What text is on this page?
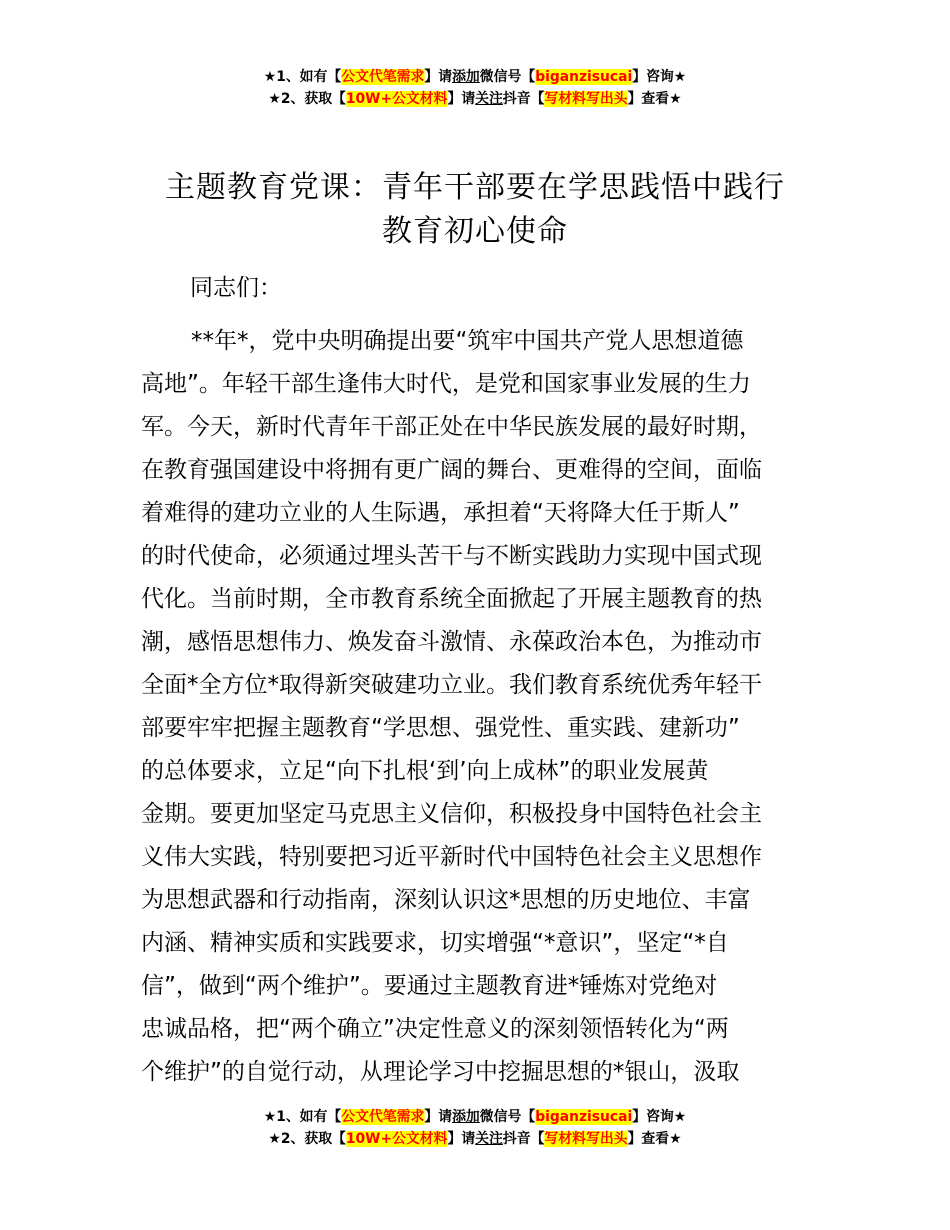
★1、如有【公文代笔需求】请添加微信号【biganzisucai】咨询★
★2、获取【10W+公文材料】请关注抖音【写材料写出头】查看★
主题教育党课：青年干部要在学思践悟中践行
教育初心使命
同志们：
**年*，党中央明确提出要“筑牢中国共产党人思想道德
高地”。年轻干部生逢伟大时代，是党和国家事业发展的生力
军。今天，新时代青年干部正处在中华民族发展的最好时期，
在教育强国建设中将拥有更广阔的舞台、更难得的空间，面临
着难得的建功立业的人生际遇，承担着“天将降大任于斯人”
的时代使命，必须通过埋头苦干与不断实践助力实现中国式现
代化。当前时期，全市教育系统全面掀起了开展主题教育的热
潮，感悟思想伟力、焕发奋斗激情、永葆政治本色，为推动市
全面*全方位*取得新突破建功立业。我们教育系统优秀年轻干
部要牢牢把握主题教育“学思想、强党性、重实践、建新功”
的总体要求，立足“向下扎根‘到’向上成林”的职业发展黄
金期。要更加坚定马克思主义信仰，积极投身中国特色社会主
义伟大实践，特别要把习近平新时代中国特色社会主义思想作
为思想武器和行动指南，深刻认识这*思想的历史地位、丰富
内涵、精神实质和实践要求，切实增强“*意识”，坚定“*自
信”，做到“两个维护”。要通过主题教育进*锤炼对党绝对
忠诚品格，把“两个确立”决定性意义的深刻领悟转化为“两
个维护”的自觉行动，从理论学习中挖掘思想的*银山，汲取
★1、如有【公文代笔需求】请添加微信号【biganzisucai】咨询★
★2、获取【10W+公文材料】请关注抖音【写材料写出头】查看★
